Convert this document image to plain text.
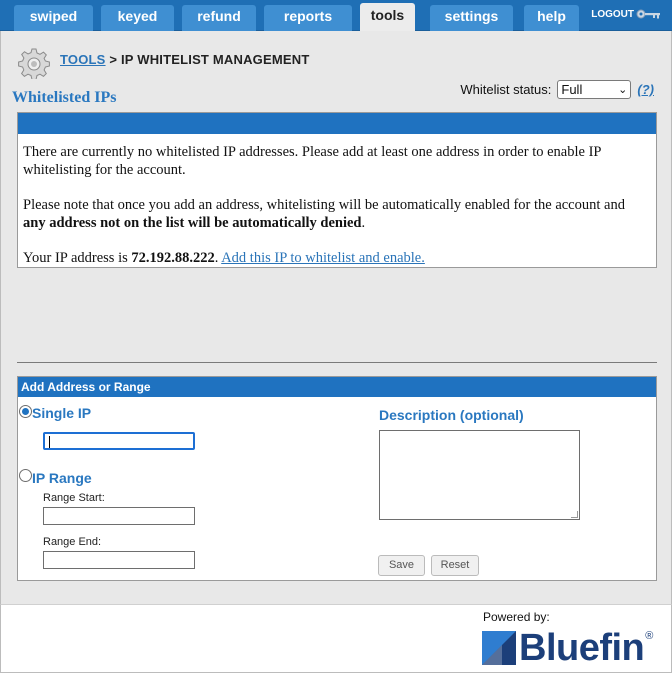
swiped	keyed	refund	reports	tools	settings	help	LOGOUT
TOOLS > IP WHITELIST MANAGEMENT
Whitelisted IPs	Whitelist status: Full	⌄ (?)

There are currently no whitelisted IP addresses. Please add at least one address in order to enable IP whitelisting for the account.

Please note that once you add an address, whitelisting will be automatically enabled for the account and any address not on the list will be automatically denied.

Your IP address is 72.192.88.222. Add this IP to whitelist and enable.

Add Address or Range
Single IP
IP Range
Range Start:
Range End:
Description (optional)
Save	Reset
Powered by:
Bluefin ®
